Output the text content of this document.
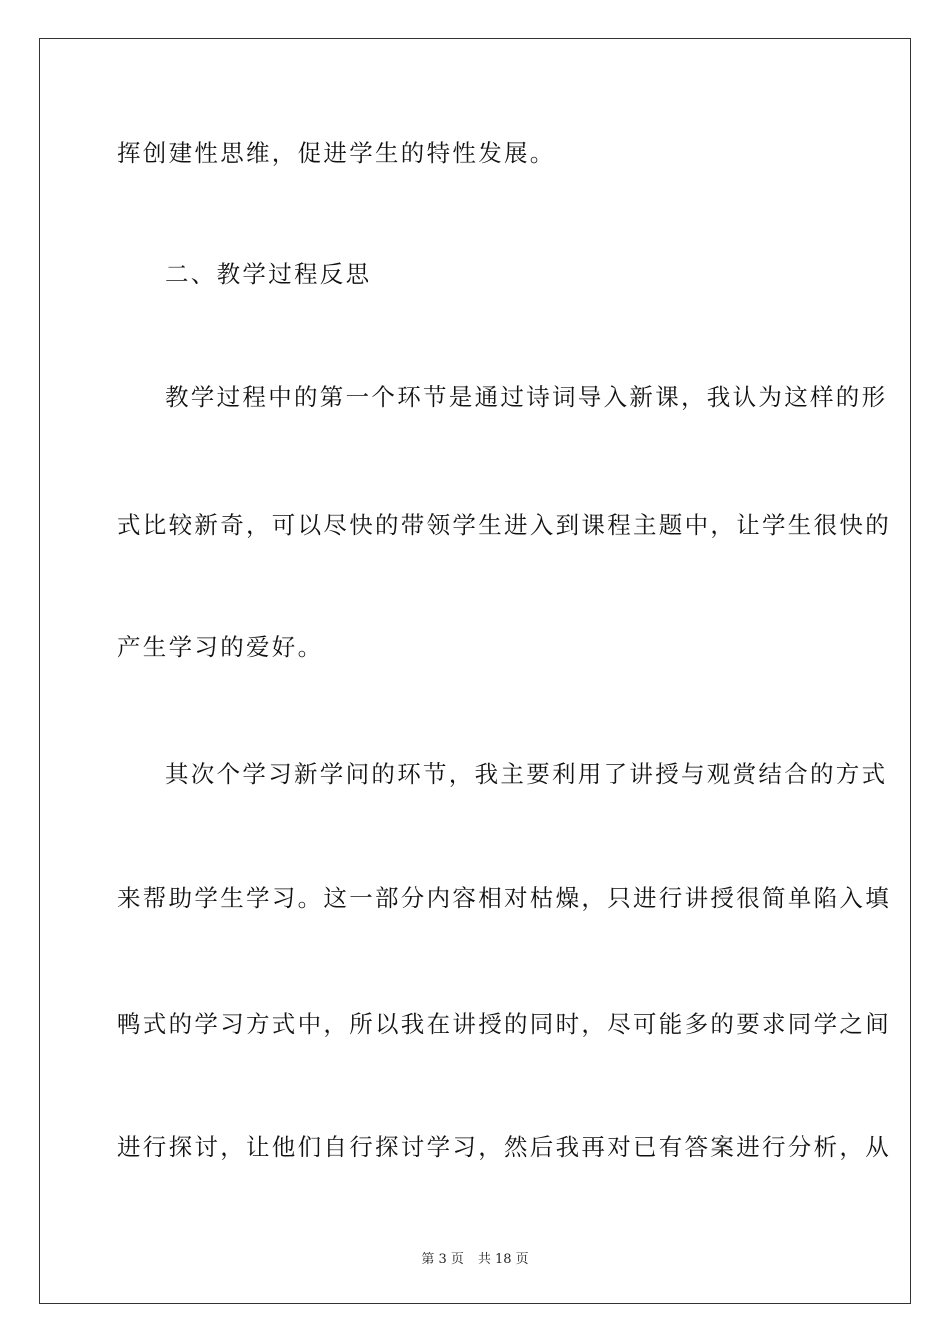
挥创建性思维，促进学生的特性发展。
二、教学过程反思
教学过程中的第一个环节是通过诗词导入新课，我认为这样的形
式比较新奇，可以尽快的带领学生进入到课程主题中，让学生很快的
产生学习的爱好。
其次个学习新学问的环节，我主要利用了讲授与观赏结合的方式
来帮助学生学习。这一部分内容相对枯燥，只进行讲授很简单陷入填
鸭式的学习方式中，所以我在讲授的同时，尽可能多的要求同学之间
进行探讨，让他们自行探讨学习，然后我再对已有答案进行分析，从
第 3 页 共 18 页
